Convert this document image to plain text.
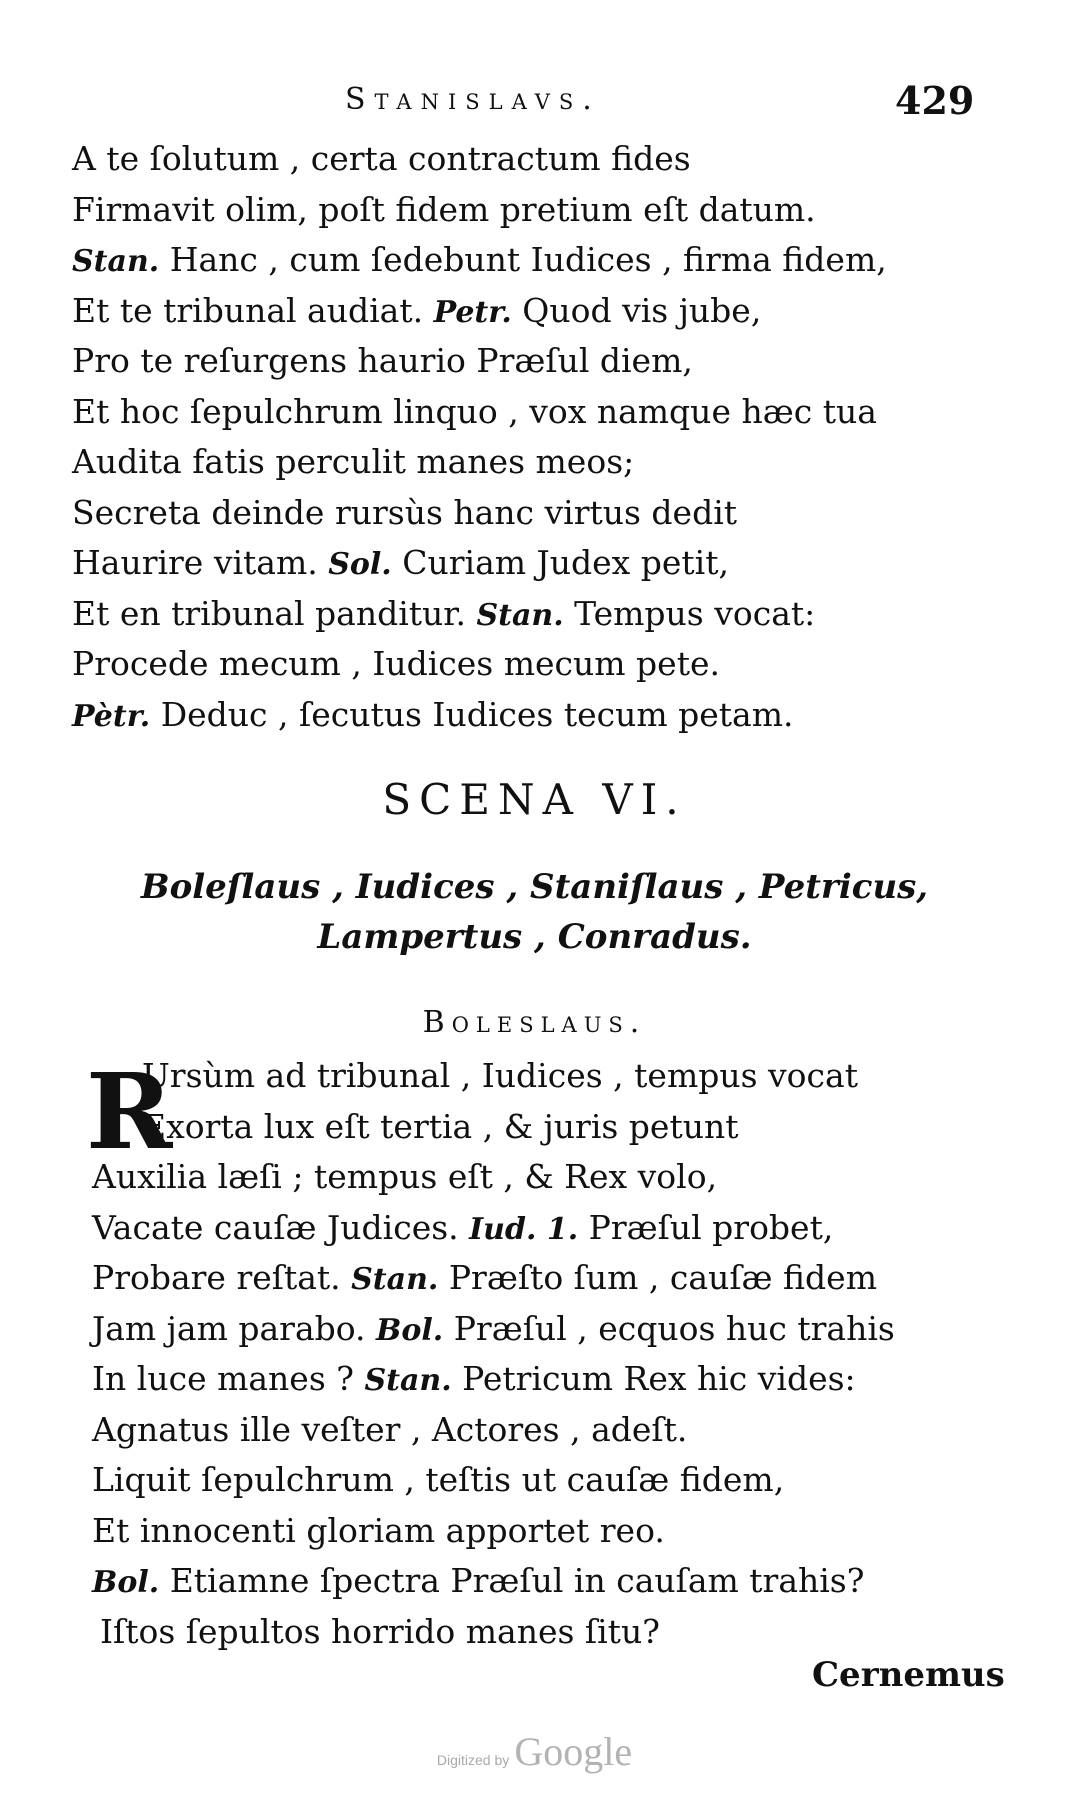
Stanislavs.	429
A te ſolutum , certa contractum fides
Firmavit olim, poſt fidem pretium eſt datum.
Stan. Hanc , cum ſedebunt Iudices , firma fidem,
Et te tribunal audiat. Petr. Quod vis jube,
Pro te reſurgens haurio Præſul diem,
Et hoc ſepulchrum linquo , vox namque hæc tua
Audita fatis perculit manes meos;
Secreta deinde rursùs hanc virtus dedit
Haurire vitam. Sol. Curiam Judex petit,
Et en tribunal panditur. Stan. Tempus vocat:
Procede mecum , Iudices mecum pete.
Pètr. Deduc , ſecutus Iudices tecum petam.
SCENA VI.
Boleſlaus , Iudices , Staniſlaus , Petricus,
Lampertus , Conradus.
Boleslaus.
R
Ursùm ad tribunal , Iudices , tempus vocat
Exorta lux eſt tertia , & juris petunt
Auxilia læſi ; tempus eſt , & Rex volo,
Vacate cauſæ Judices. Iud. 1. Præſul probet,
Probare reſtat. Stan. Præſto ſum , cauſæ fidem
Jam jam parabo. Bol. Præſul , ecquos huc trahis
In luce manes ? Stan. Petricum Rex hic vides:
Agnatus ille veſter , Actores , adeſt.
Liquit ſepulchrum , teſtis ut cauſæ fidem,
Et innocenti gloriam apportet reo.
Bol. Etiamne ſpectra Præſul in cauſam trahis?
Iſtos ſepultos horrido manes ſitu?
Cernemus
Digitized by Google
